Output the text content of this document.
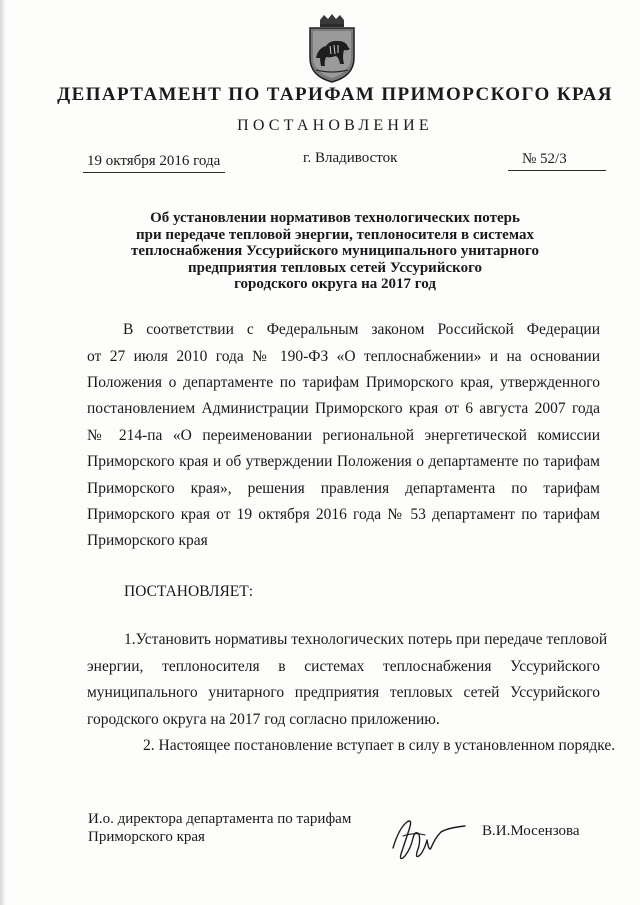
ДЕПАРТАМЕНТ ПО ТАРИФАМ ПРИМОРСКОГО КРАЯ
ПОСТАНОВЛЕНИЕ
19 октября 2016 года	г. Владивосток	№ 52/3
Об установлении нормативов технологических потерь
при передаче тепловой энергии, теплоносителя в системах
теплоснабжения Уссурийского муниципального унитарного
предприятия тепловых сетей Уссурийского
городского округа на 2017 год
В соответствии с Федеральным законом Российской Федерации
от 27 июля 2010 года № 190-ФЗ «О теплоснабжении» и на основании
Положения о департаменте по тарифам Приморского края, утвержденного
постановлением Администрации Приморского края от 6 августа 2007 года
№ 214-па «О переименовании региональной энергетической комиссии
Приморского края и об утверждении Положения о департаменте по тарифам
Приморского края», решения правления департамента по тарифам
Приморского края от 19 октября 2016 года № 53 департамент по тарифам
Приморского края
ПОСТАНОВЛЯЕТ:
1.Установить нормативы технологических потерь при передаче тепловой
энергии, теплоносителя в системах теплоснабжения Уссурийского
муниципального унитарного предприятия тепловых сетей Уссурийского
городского округа на 2017 год согласно приложению.
2. Настоящее постановление вступает в силу в установленном порядке.
И.о. директора департамента по тарифам
Приморского края	В.И.Мосензова
